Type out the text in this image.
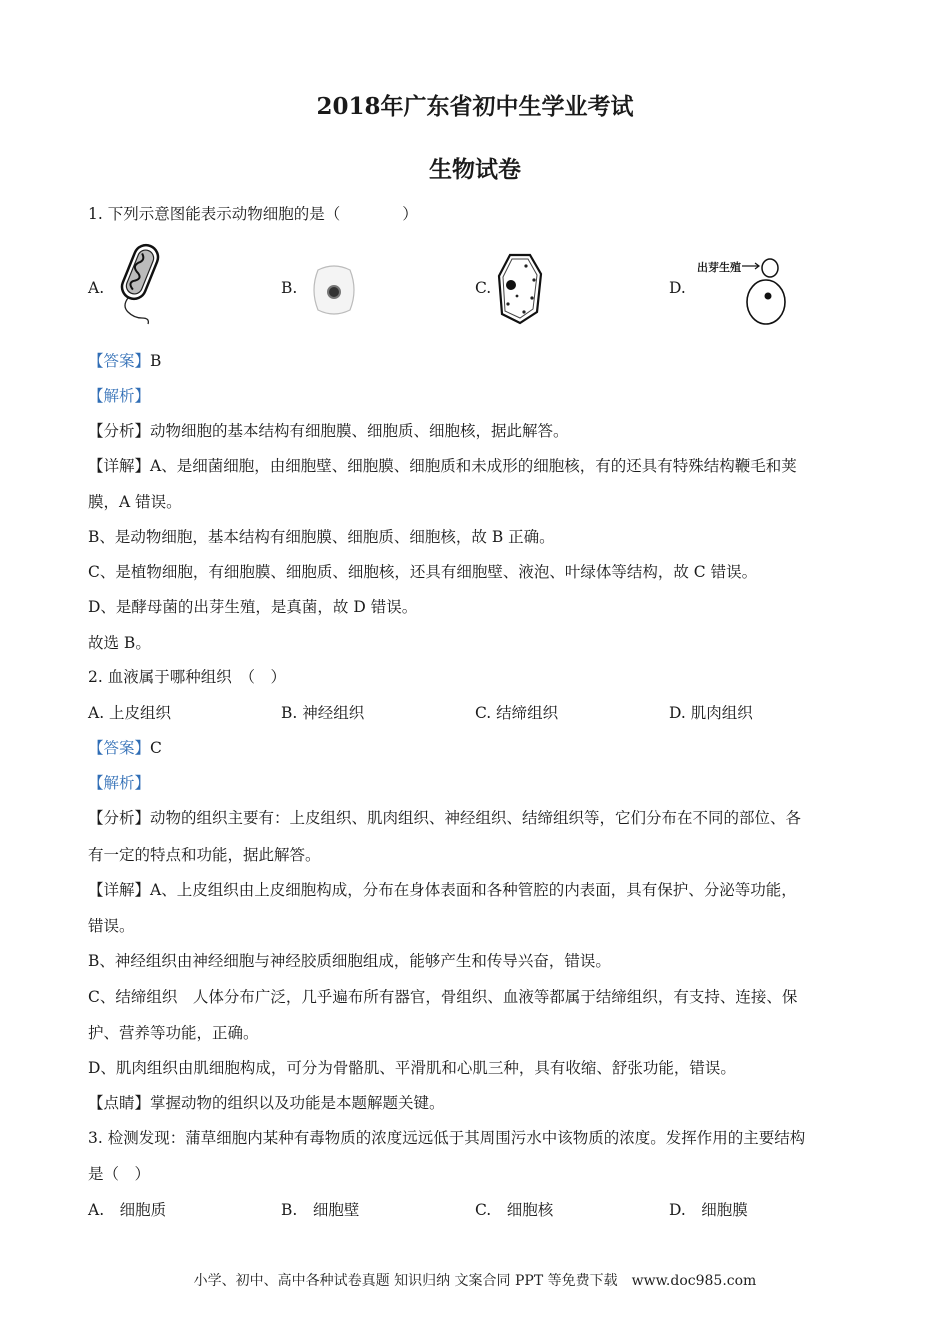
2018年广东省初中生学业考试
生物试卷
1. 下列示意图能表示动物细胞的是（　　　　）
A.	B.	C.	D.
出芽生殖
【答案】B
【解析】
【分析】动物细胞的基本结构有细胞膜、细胞质、细胞核，据此解答。
【详解】A、是细菌细胞，由细胞壁、细胞膜、细胞质和未成形的细胞核，有的还具有特殊结构鞭毛和荚
膜，A 错误。
B、是动物细胞，基本结构有细胞膜、细胞质、细胞核，故 B 正确。
C、是植物细胞，有细胞膜、细胞质、细胞核，还具有细胞壁、液泡、叶绿体等结构，故 C 错误。
D、是酵母菌的出芽生殖，是真菌，故 D 错误。
故选 B。
2. 血液属于哪种组织　（　）
A. 上皮组织	B. 神经组织	C. 结缔组织	D. 肌肉组织
【答案】C
【解析】
【分析】动物的组织主要有：上皮组织、肌肉组织、神经组织、结缔组织等，它们分布在不同的部位、各
有一定的特点和功能，据此解答。
【详解】A、上皮组织由上皮细胞构成，分布在身体表面和各种管腔的内表面，具有保护、分泌等功能，
错误。
B、神经组织由神经细胞与神经胶质细胞组成，能够产生和传导兴奋，错误。
C、结缔组织　人体分布广泛，几乎遍布所有器官，骨组织、血液等都属于结缔组织，有支持、连接、保
护、营养等功能，正确。
D、肌肉组织由肌细胞构成，可分为骨骼肌、平滑肌和心肌三种，具有收缩、舒张功能，错误。
【点睛】掌握动物的组织以及功能是本题解题关键。
3. 检测发现：蒲草细胞内某种有毒物质的浓度远远低于其周围污水中该物质的浓度。发挥作用的主要结构
是（　）
A.　细胞质	B.　细胞壁	C.　细胞核	D.　细胞膜
小学、初中、高中各种试卷真题 知识归纳 文案合同 PPT 等免费下载　www.doc985.com
